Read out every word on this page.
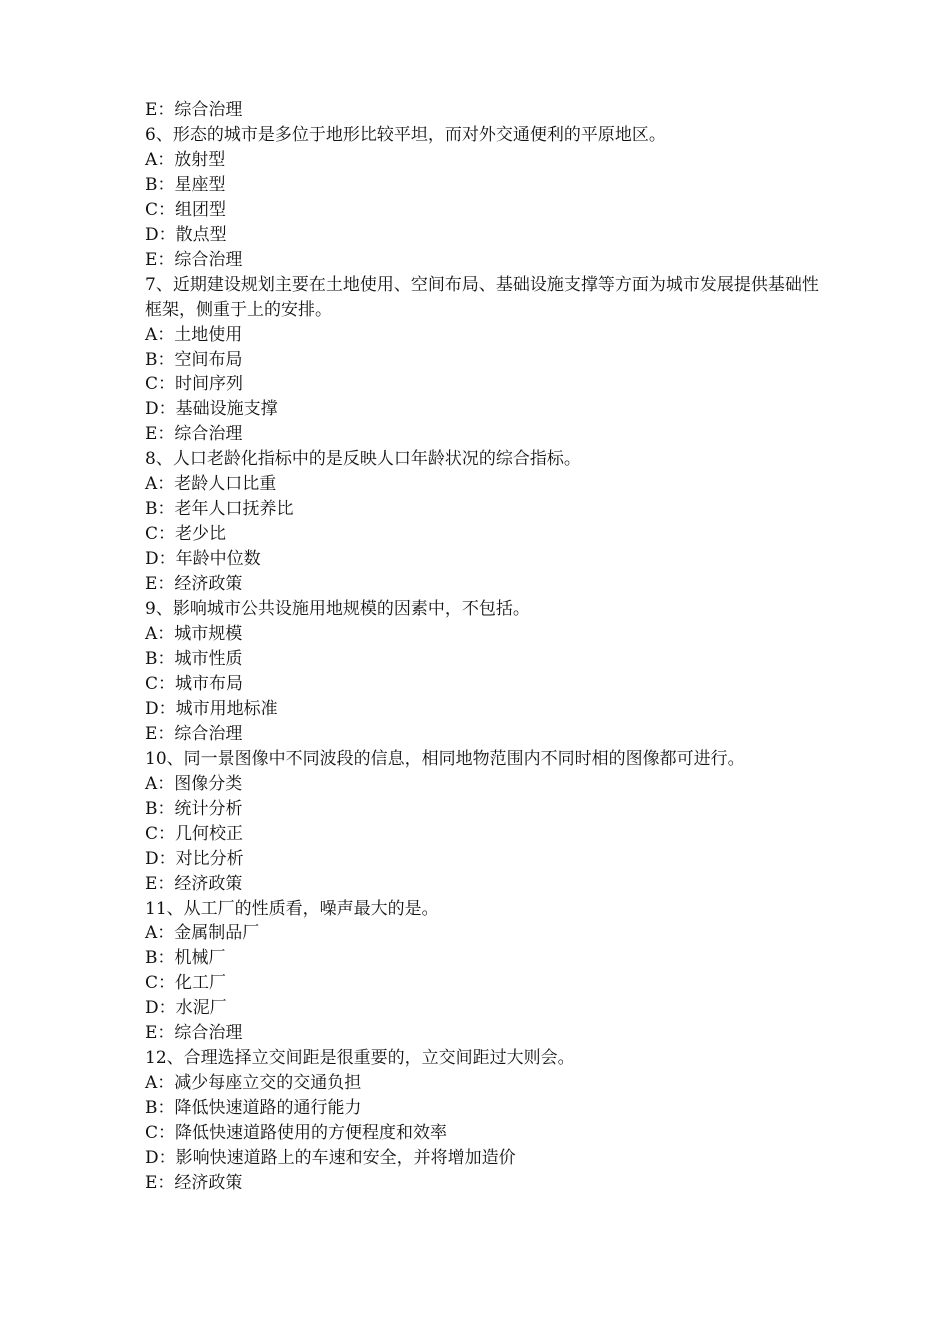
E：综合治理
6、形态的城市是多位于地形比较平坦，而对外交通便利的平原地区。
A：放射型
B：星座型
C：组团型
D：散点型
E：综合治理
7、近期建设规划主要在土地使用、空间布局、基础设施支撑等方面为城市发展提供基础性框架，侧重于上的安排。
A：土地使用
B：空间布局
C：时间序列
D：基础设施支撑
E：综合治理
8、人口老龄化指标中的是反映人口年龄状况的综合指标。
A：老龄人口比重
B：老年人口抚养比
C：老少比
D：年龄中位数
E：经济政策
9、影响城市公共设施用地规模的因素中，不包括。
A：城市规模
B：城市性质
C：城市布局
D：城市用地标准
E：综合治理
10、同一景图像中不同波段的信息，相同地物范围内不同时相的图像都可进行。
A：图像分类
B：统计分析
C：几何校正
D：对比分析
E：经济政策
11、从工厂的性质看，噪声最大的是。
A：金属制品厂
B：机械厂
C：化工厂
D：水泥厂
E：综合治理
12、合理选择立交间距是很重要的，立交间距过大则会。
A：减少每座立交的交通负担
B：降低快速道路的通行能力
C：降低快速道路使用的方便程度和效率
D：影响快速道路上的车速和安全，并将增加造价
E：经济政策
